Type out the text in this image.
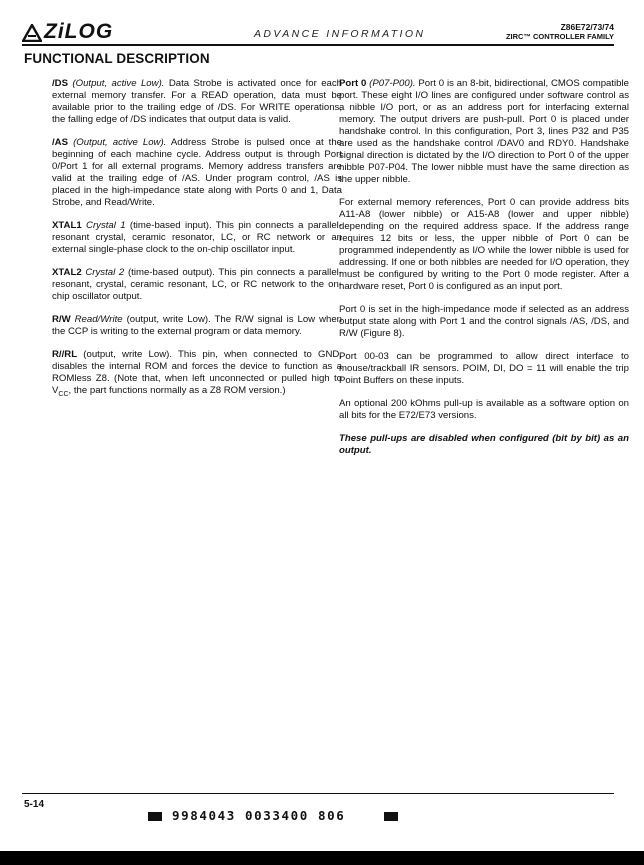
ZiLOG	ADVANCE INFORMATION
Z86E72/73/74
ZIRC™ CONTROLLER FAMILY
FUNCTIONAL DESCRIPTION

/DS (Output, active Low). Data Strobe is activated once for each external memory transfer. For a READ operation, data must be available prior to the trailing edge of /DS. For WRITE operations, the falling edge of /DS indicates that output data is valid.

/AS (Output, active Low). Address Strobe is pulsed once at the beginning of each machine cycle. Address output is through Port 0/Port 1 for all external programs. Memory address transfers are valid at the trailing edge of /AS. Under program control, /AS is placed in the high-impedance state along with Ports 0 and 1, Data Strobe, and Read/Write.

XTAL1 Crystal 1 (time-based input). This pin connects a parallel-resonant crystal, ceramic resonator, LC, or RC network or an external single-phase clock to the on-chip oscillator input.

XTAL2 Crystal 2 (time-based output). This pin connects a parallel-resonant, crystal, ceramic resonant, LC, or RC network to the on-chip oscillator output.

R/W Read/Write (output, write Low). The R/W signal is Low when the CCP is writing to the external program or data memory.

R//RL (output, write Low). This pin, when connected to GND, disables the internal ROM and forces the device to function as a ROMless Z8. (Note that, when left unconnected or pulled high to $V_{CC}$, the part functions normally as a Z8 ROM version.)

Port 0 (P07-P00). Port 0 is an 8-bit, bidirectional, CMOS compatible port. These eight I/O lines are configured under software control as a nibble I/O port, or as an address port for interfacing external memory. The output drivers are push-pull. Port 0 is placed under handshake control. In this configuration, Port 3, lines P32 and P35 are used as the handshake control /DAV0 and RDY0. Handshake signal direction is dictated by the I/O direction to Port 0 of the upper nibble P07-P04. The lower nibble must have the same direction as the upper nibble.

For external memory references, Port 0 can provide address bits A11-A8 (lower nibble) or A15-A8 (lower and upper nibble) depending on the required address space. If the address range requires 12 bits or less, the upper nibble of Port 0 can be programmed independently as I/O while the lower nibble is used for addressing. If one or both nibbles are needed for I/O operation, they must be configured by writing to the Port 0 mode register. After a hardware reset, Port 0 is configured as an input port.

Port 0 is set in the high-impedance mode if selected as an address output state along with Port 1 and the control signals /AS, /DS, and R/W (Figure 8).

Port 00-03 can be programmed to allow direct interface to mouse/trackball IR sensors. POIM, DI, DO = 11 will enable the trip Point Buffers on these inputs.

An optional 200 kOhms pull-up is available as a software option on all bits for the E72/E73 versions.

These pull-ups are disabled when configured (bit by bit) as an output.

5-14
9984043 0033400 806
